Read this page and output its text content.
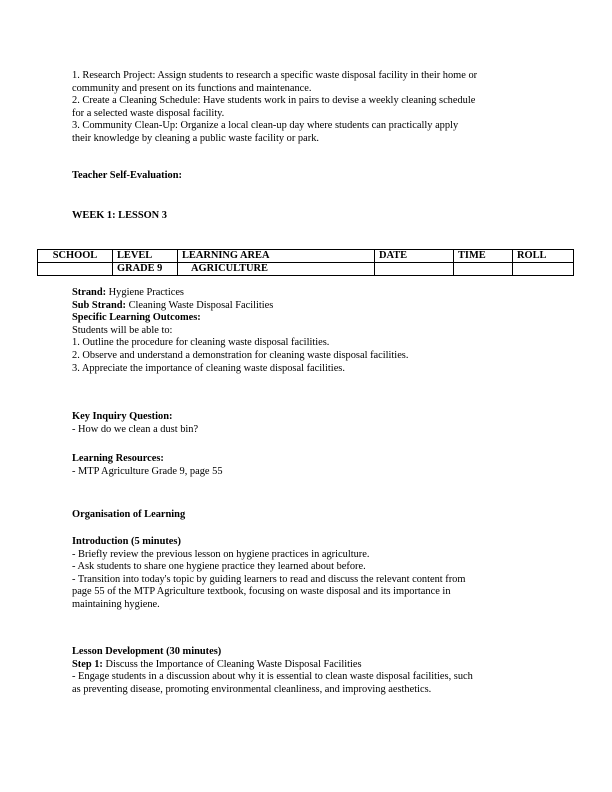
1. Research Project: Assign students to research a specific waste disposal facility in their home or
community and present on its functions and maintenance.
2. Create a Cleaning Schedule: Have students work in pairs to devise a weekly cleaning schedule
for a selected waste disposal facility.
3. Community Clean-Up: Organize a local clean-up day where students can practically apply
their knowledge by cleaning a public waste facility or park.
Teacher Self-Evaluation:
WEEK 1: LESSON 3
SCHOOL	LEVEL	LEARNING AREA	DATE	TIME	ROLL
	GRADE 9	AGRICULTURE			
Strand: Hygiene Practices
Sub Strand: Cleaning Waste Disposal Facilities
Specific Learning Outcomes:
Students will be able to:
1. Outline the procedure for cleaning waste disposal facilities.
2. Observe and understand a demonstration for cleaning waste disposal facilities.
3. Appreciate the importance of cleaning waste disposal facilities.
Key Inquiry Question:
- How do we clean a dust bin?
Learning Resources:
- MTP Agriculture Grade 9, page 55
Organisation of Learning
Introduction (5 minutes)
- Briefly review the previous lesson on hygiene practices in agriculture.
- Ask students to share one hygiene practice they learned about before.
- Transition into today's topic by guiding learners to read and discuss the relevant content from
page 55 of the MTP Agriculture textbook, focusing on waste disposal and its importance in
maintaining hygiene.
Lesson Development (30 minutes)
Step 1: Discuss the Importance of Cleaning Waste Disposal Facilities
- Engage students in a discussion about why it is essential to clean waste disposal facilities, such
as preventing disease, promoting environmental cleanliness, and improving aesthetics.
